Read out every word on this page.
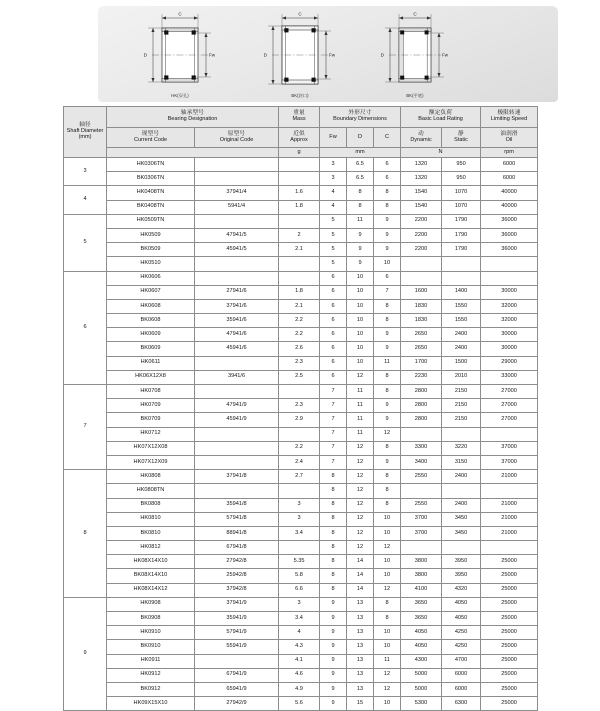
C
D	Fw
HK(穿孔)
C
D	Fw
BK(封口)
C
D	Fw
BK(平底)
轴径
Shaft Diameter
(mm)	轴承型号
Bearing Designation		重量
Mass	外形尺寸
Boundary Dimensions			额定负荷
Basic Load Rating		极限转速
Limiting Speed

	现型号
Current Code	原型号
Original Code	近似
Approx	Fw	D	C	动
Dynamic	静
Static	油润滑
Oil

			g	mm			N		rpm
3	HK0306TN			3	6.5	6	1320	950	6000
	BK0306TN			3	6.5	6	1320	950	6000
4	HK0408TN	37941/4	1.6	4	8	8	1540	1070	40000
	BK0408TN	5941/4	1.8	4	8	8	1540	1070	40000
5	HK0509TN			5	11	9	2200	1790	36000
	HK0509	47941/5	2	5	9	9	2200	1790	36000
	BK0509	45941/5	2.1	5	9	9	2200	1790	36000
	HK0510			5	9	10			
6	HK0606			6	10	6			
	HK0607	27941/6	1.8	6	10	7	1600	1400	30000
	HK0608	37941/6	2.1	6	10	8	1830	1550	32000
	BK0608	35941/6	2.2	6	10	8	1830	1550	32000
	HK0609	47941/6	2.2	6	10	9	2650	2400	30000
	BK0609	45941/6	2.6	6	10	9	2650	2400	30000
	HK0611		2.3	6	10	11	1700	1500	29000
	HK06X12X8	3941/6	2.5	6	12	8	2230	2010	33000
7	HK0708			7	11	8	2800	2150	27000
	HK0709	47941/9	2.3	7	11	9	2800	2150	27000
	BK0709	45941/9	2.9	7	11	9	2800	2150	27000
	HK0712			7	11	12			
	HK07X12X08		2.2	7	12	8	3300	3220	37000
	HK07X12X09		2.4	7	12	9	3400	3150	37000
8	HK0808	37941/8	2.7	8	12	8	2550	2400	21000
	HK0808TN			8	12	8			
	BK0808	35941/8	3	8	12	8	2550	2400	21000
	HK0810	57941/8	3	8	12	10	3700	3450	21000
	BK0810	88941/8	3.4	8	12	10	3700	3450	21000
	HK0812	67941/8		8	12	12			
	HK08X14X10	27942/8	5.35	8	14	10	3800	3950	25000
	BK08X14X10	25942/8	5.8	8	14	10	3800	3950	25000
	HK08X14X12	37942/8	6.6	8	14	12	4100	4320	25000
9	HK0908	37941/9	3	9	13	8	3650	4050	25000
	BK0908	35941/9	3.4	9	13	8	3650	4050	25000
	HK0910	57941/9	4	9	13	10	4050	4250	25000
	BK0910	55941/9	4.3	9	13	10	4050	4250	25000
	HK0911		4.1	9	13	11	4300	4700	25000
	HK0912	67941/9	4.6	9	13	12	5000	6000	25000
	BK0912	65941/9	4.9	9	13	12	5000	6000	25000
	HK09X15X10	27942/9	5.6	9	15	10	5300	6300	25000
